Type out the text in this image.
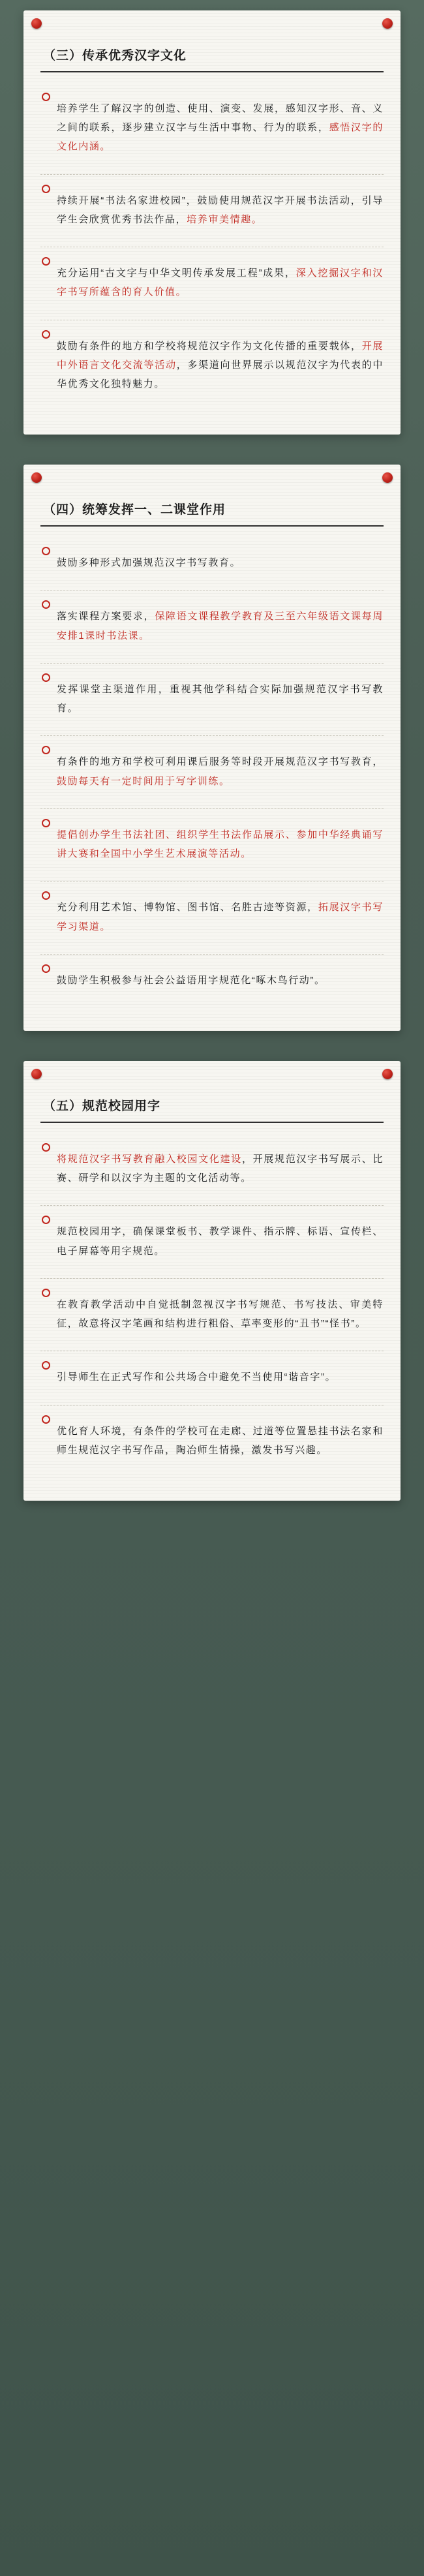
（三）传承优秀汉字文化

培养学生了解汉字的创造、使用、演变、发展，感知汉字形、音、义之间的联系，逐步建立汉字与生活中事物、行为的联系，感悟汉字的文化内涵。

持续开展“书法名家进校园”，鼓励使用规范汉字开展书法活动，引导学生会欣赏优秀书法作品，培养审美情趣。

充分运用“古文字与中华文明传承发展工程”成果，深入挖掘汉字和汉字书写所蕴含的育人价值。

鼓励有条件的地方和学校将规范汉字作为文化传播的重要载体，开展中外语言文化交流等活动，多渠道向世界展示以规范汉字为代表的中华优秀文化独特魅力。

（四）统筹发挥一、二课堂作用

鼓励多种形式加强规范汉字书写教育。

落实课程方案要求，保障语文课程教学教育及三至六年级语文课每周安排1课时书法课。

发挥课堂主渠道作用，重视其他学科结合实际加强规范汉字书写教育。

有条件的地方和学校可利用课后服务等时段开展规范汉字书写教育，鼓励每天有一定时间用于写字训练。

提倡创办学生书法社团、组织学生书法作品展示、参加中华经典诵写讲大赛和全国中小学生艺术展演等活动。

充分利用艺术馆、博物馆、图书馆、名胜古迹等资源，拓展汉字书写学习渠道。

鼓励学生积极参与社会公益语用字规范化“啄木鸟行动”。

（五）规范校园用字

将规范汉字书写教育融入校园文化建设，开展规范汉字书写展示、比赛、研学和以汉字为主题的文化活动等。

规范校园用字，确保课堂板书、教学课件、指示牌、标语、宣传栏、电子屏幕等用字规范。

在教育教学活动中自觉抵制忽视汉字书写规范、书写技法、审美特征，故意将汉字笔画和结构进行粗俗、草率变形的“丑书”“怪书”。

引导师生在正式写作和公共场合中避免不当使用“谐音字”。

优化育人环境，有条件的学校可在走廊、过道等位置悬挂书法名家和师生规范汉字书写作品，陶冶师生情操，激发书写兴趣。
